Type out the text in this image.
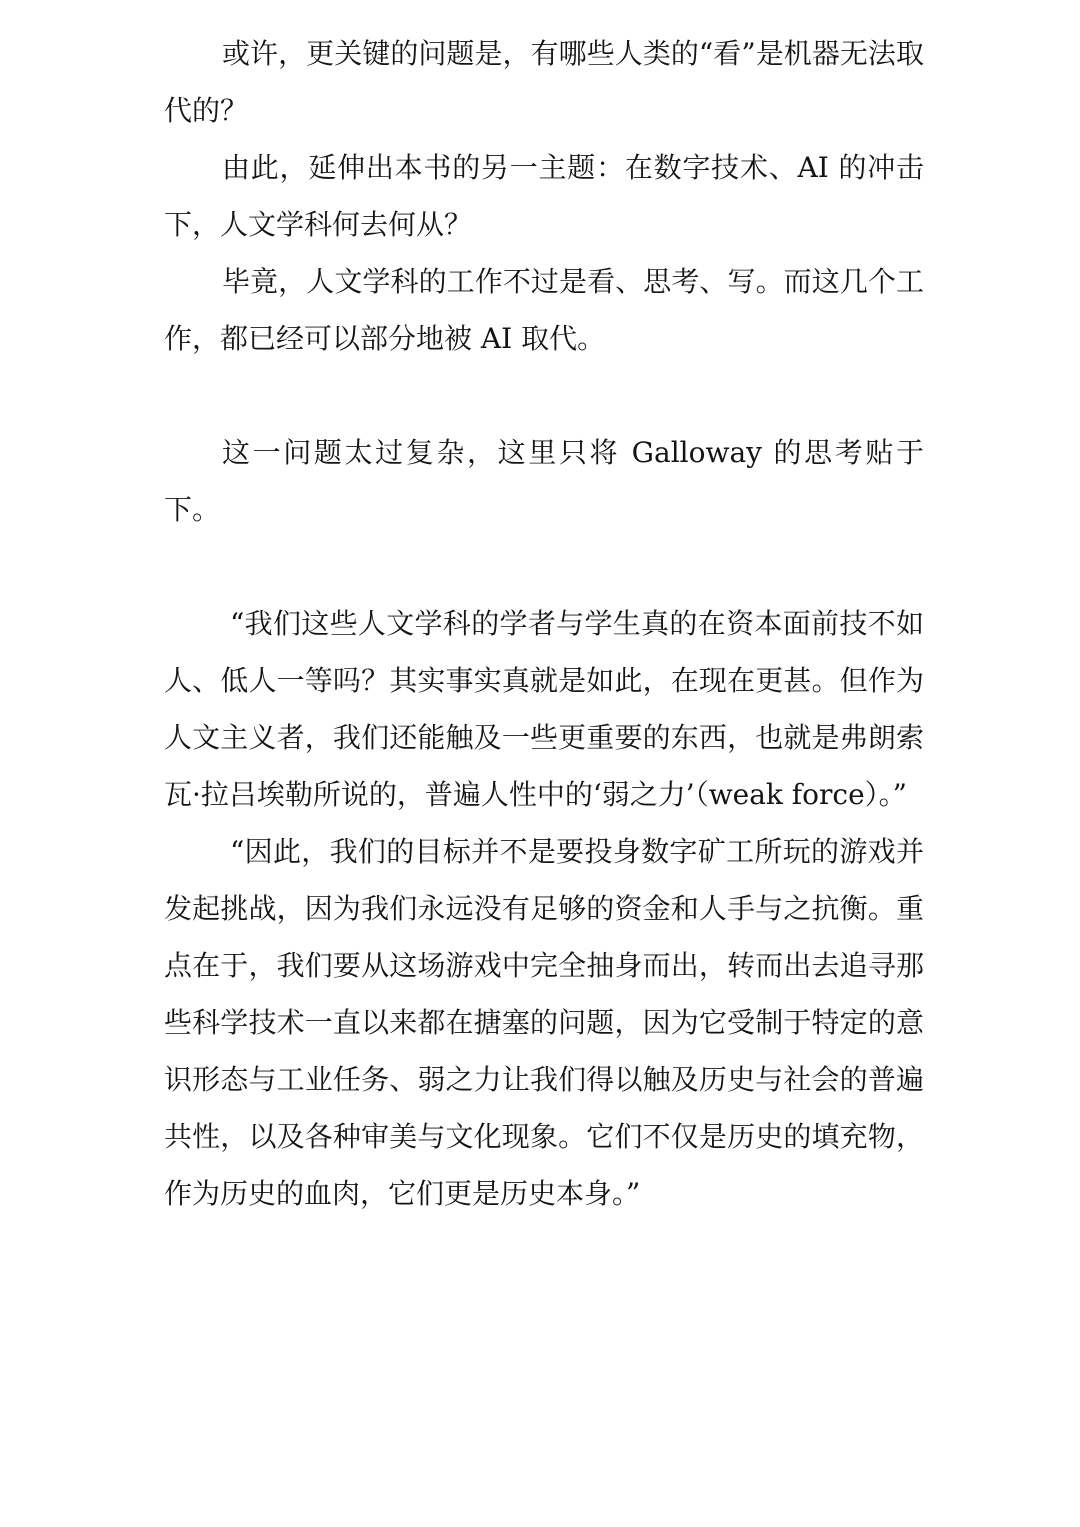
或许，更关键的问题是，有哪些人类的“看”是机器无法取代的？

由此，延伸出本书的另一主题：在数字技术、AI 的冲击下，人文学科何去何从？

毕竟，人文学科的工作不过是看、思考、写。而这几个工作，都已经可以部分地被 AI 取代。

这一问题太过复杂，这里只将 Galloway 的思考贴于下。

“我们这些人文学科的学者与学生真的在资本面前技不如人、低人一等吗？其实事实真就是如此，在现在更甚。但作为人文主义者，我们还能触及一些更重要的东西，也就是弗朗索瓦·拉吕埃勒所说的，普遍人性中的‘弱之力’（weak force）。”

“因此，我们的目标并不是要投身数字矿工所玩的游戏并发起挑战，因为我们永远没有足够的资金和人手与之抗衡。重点在于，我们要从这场游戏中完全抽身而出，转而出去追寻那些科学技术一直以来都在搪塞的问题，因为它受制于特定的意识形态与工业任务、弱之力让我们得以触及历史与社会的普遍共性，以及各种审美与文化现象。它们不仅是历史的填充物，作为历史的血肉，它们更是历史本身。”
